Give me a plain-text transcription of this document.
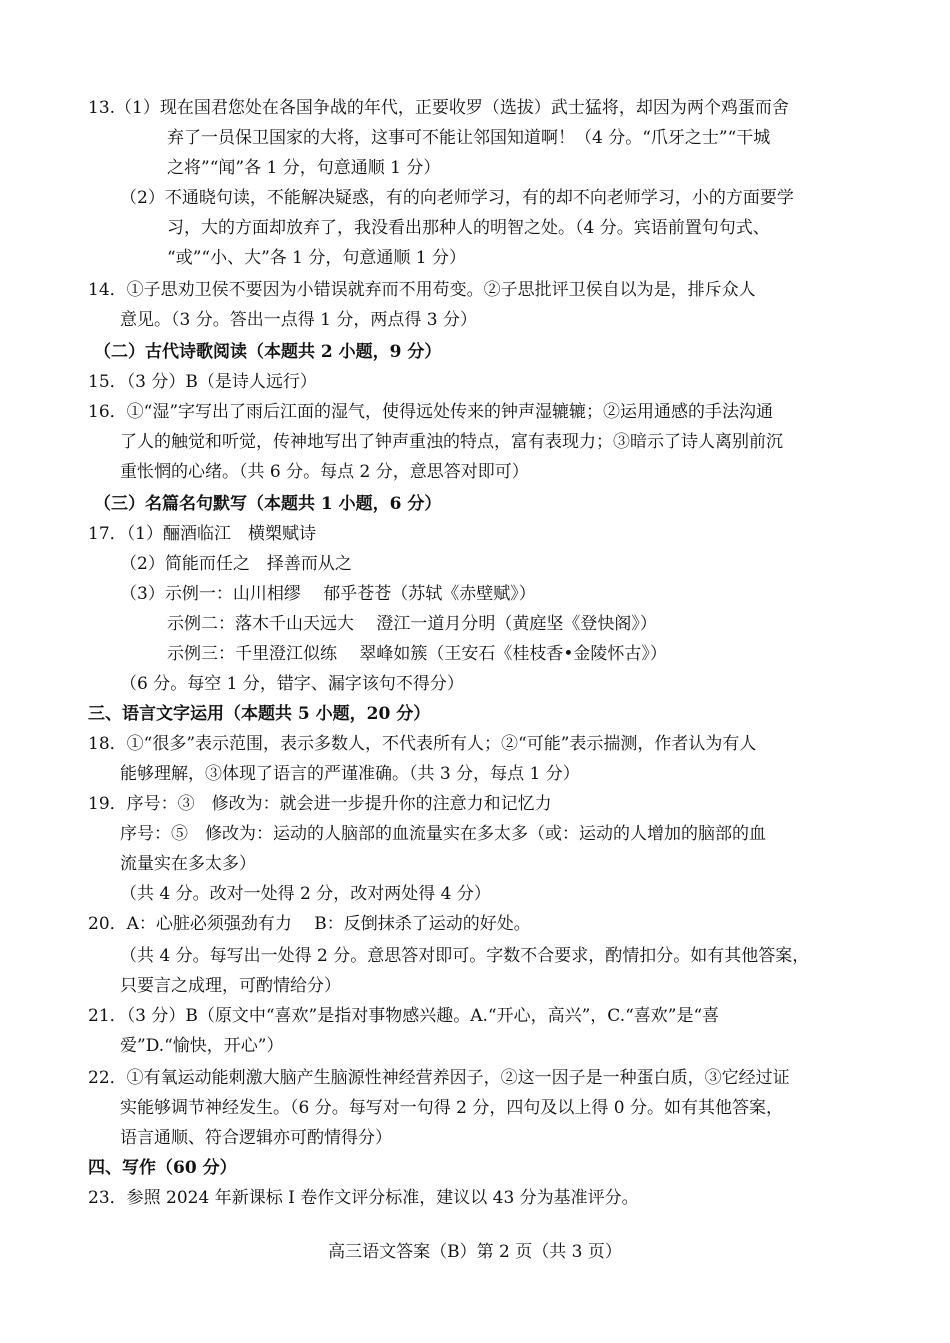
13.（1）现在国君您处在各国争战的年代，正要收罗（选拔）武士猛将，却因为两个鸡蛋而舍
弃了一员保卫国家的大将，这事可不能让邻国知道啊！（4 分。“爪牙之士”“干城
之将”“闻”各 1 分，句意通顺 1 分）
（2）不通晓句读，不能解决疑惑，有的向老师学习，有的却不向老师学习，小的方面要学
习，大的方面却放弃了，我没看出那种人的明智之处。（4 分。宾语前置句句式、
“或”“小、大”各 1 分，句意通顺 1 分）
14．①子思劝卫侯不要因为小错误就弃而不用苟变。②子思批评卫侯自以为是，排斥众人
意见。（3 分。答出一点得 1 分，两点得 3 分）
（二）古代诗歌阅读（本题共 2 小题，9 分）
15．（3 分）B（是诗人远行）
16．①“湿”字写出了雨后江面的湿气，使得远处传来的钟声湿辘辘；②运用通感的手法沟通
了人的触觉和听觉，传神地写出了钟声重浊的特点，富有表现力；③暗示了诗人离别前沉
重怅惘的心绪。（共 6 分。每点 2 分，意思答对即可）
（三）名篇名句默写（本题共 1 小题，6 分）
17．（1）酾酒临江　横槊赋诗
（2）简能而任之　择善而从之
（3）示例一：山川相缪　 郁乎苍苍（苏轼《赤壁赋》）
示例二：落木千山天远大　 澄江一道月分明（黄庭坚《登快阁》）
示例三：千里澄江似练　 翠峰如簇（王安石《桂枝香•金陵怀古》）
（6 分。每空 1 分，错字、漏字该句不得分）
三、语言文字运用（本题共 5 小题，20 分）
18．①“很多”表示范围，表示多数人，不代表所有人；②“可能”表示揣测，作者认为有人
能够理解，③体现了语言的严谨准确。（共 3 分，每点 1 分）
19．序号：③　修改为：就会进一步提升你的注意力和记忆力
序号：⑤　修改为：运动的人脑部的血流量实在多太多（或：运动的人增加的脑部的血
流量实在多太多）
（共 4 分。改对一处得 2 分，改对两处得 4 分）
20．A：心脏必须强劲有力　 B：反倒抹杀了运动的好处。
（共 4 分。每写出一处得 2 分。意思答对即可。字数不合要求，酌情扣分。如有其他答案，
只要言之成理，可酌情给分）
21．（3 分）B（原文中“喜欢”是指对事物感兴趣。A.“开心，高兴”，C.“喜欢”是“喜
爱”D.“愉快，开心”）
22．①有氧运动能刺激大脑产生脑源性神经营养因子，②这一因子是一种蛋白质，③它经过证
实能够调节神经发生。（6 分。每写对一句得 2 分，四句及以上得 0 分。如有其他答案，
语言通顺、符合逻辑亦可酌情得分）
四、写作（60 分）
23．参照 2024 年新课标 I 卷作文评分标准，建议以 43 分为基准评分。
高三语文答案（B）第 2 页（共 3 页）
